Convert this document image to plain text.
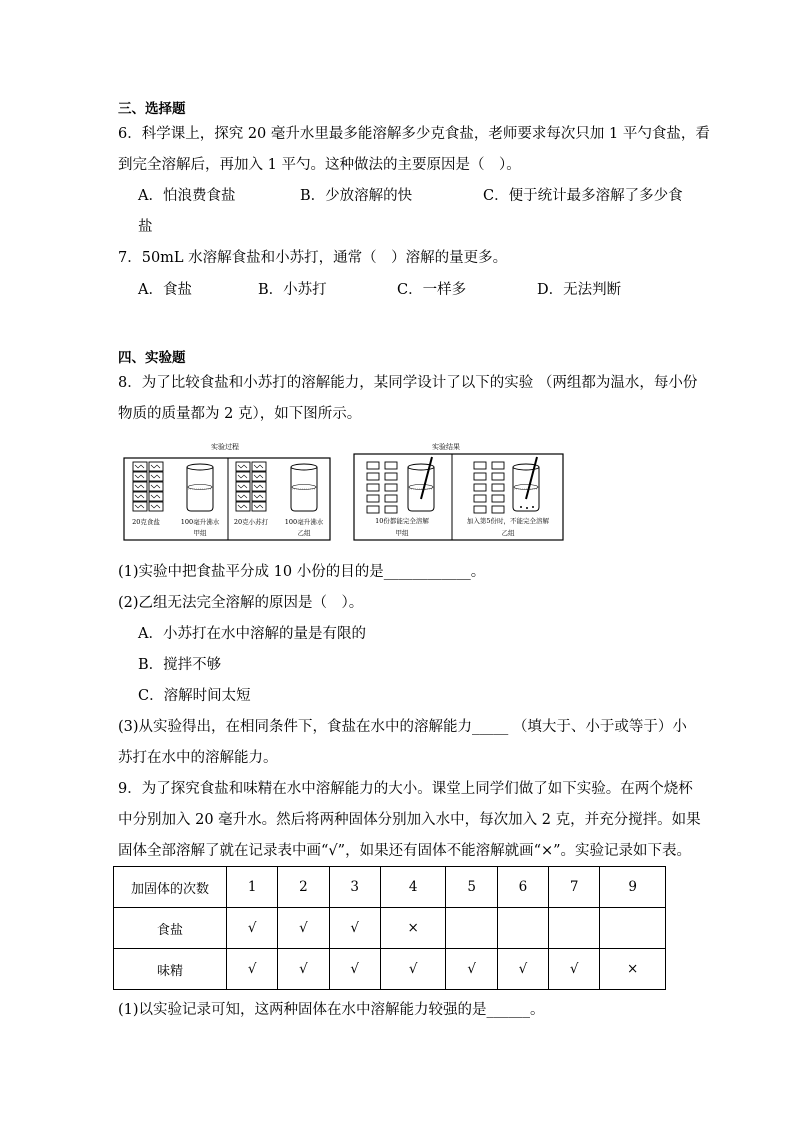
三、选择题
6．科学课上，探究 20 毫升水里最多能溶解多少克食盐，老师要求每次只加 1 平勺食盐，看
到完全溶解后，再加入 1 平勺。这种做法的主要原因是（　）。
A．怕浪费食盐	B．少放溶解的快	C．便于统计最多溶解了多少食
盐
7．50mL 水溶解食盐和小苏打，通常（　）溶解的量更多。
A．食盐	B．小苏打	C．一样多	D．无法判断
四、实验题
8．为了比较食盐和小苏打的溶解能力，某同学设计了以下的实验 （两组都为温水，每小份
物质的质量都为 2 克），如下图所示。
实验过程	实验结果
20克食盐	100毫升沸水
甲组
20克小苏打	100毫升沸水
乙组
10份都能完全溶解
甲组
加入第5份时，不能完全溶解
乙组
(1)实验中把食盐平分成 10 小份的目的是____________。
(2)乙组无法完全溶解的原因是（　）。
A．小苏打在水中溶解的量是有限的
B．搅拌不够
C．溶解时间太短
(3)从实验得出，在相同条件下，食盐在水中的溶解能力_____ （填大于、小于或等于）小
苏打在水中的溶解能力。
9．为了探究食盐和味精在水中溶解能力的大小。课堂上同学们做了如下实验。在两个烧杯
中分别加入 20 毫升水。然后将两种固体分别加入水中，每次加入 2 克，并充分搅拌。如果
固体全部溶解了就在记录表中画“√”，如果还有固体不能溶解就画“×”。实验记录如下表。
加固体的次数	1	2	3	4	5	6	7	9
食盐	√	√	√	×				
味精	√	√	√	√	√	√	√	×
(1)以实验记录可知，这两种固体在水中溶解能力较强的是______。
